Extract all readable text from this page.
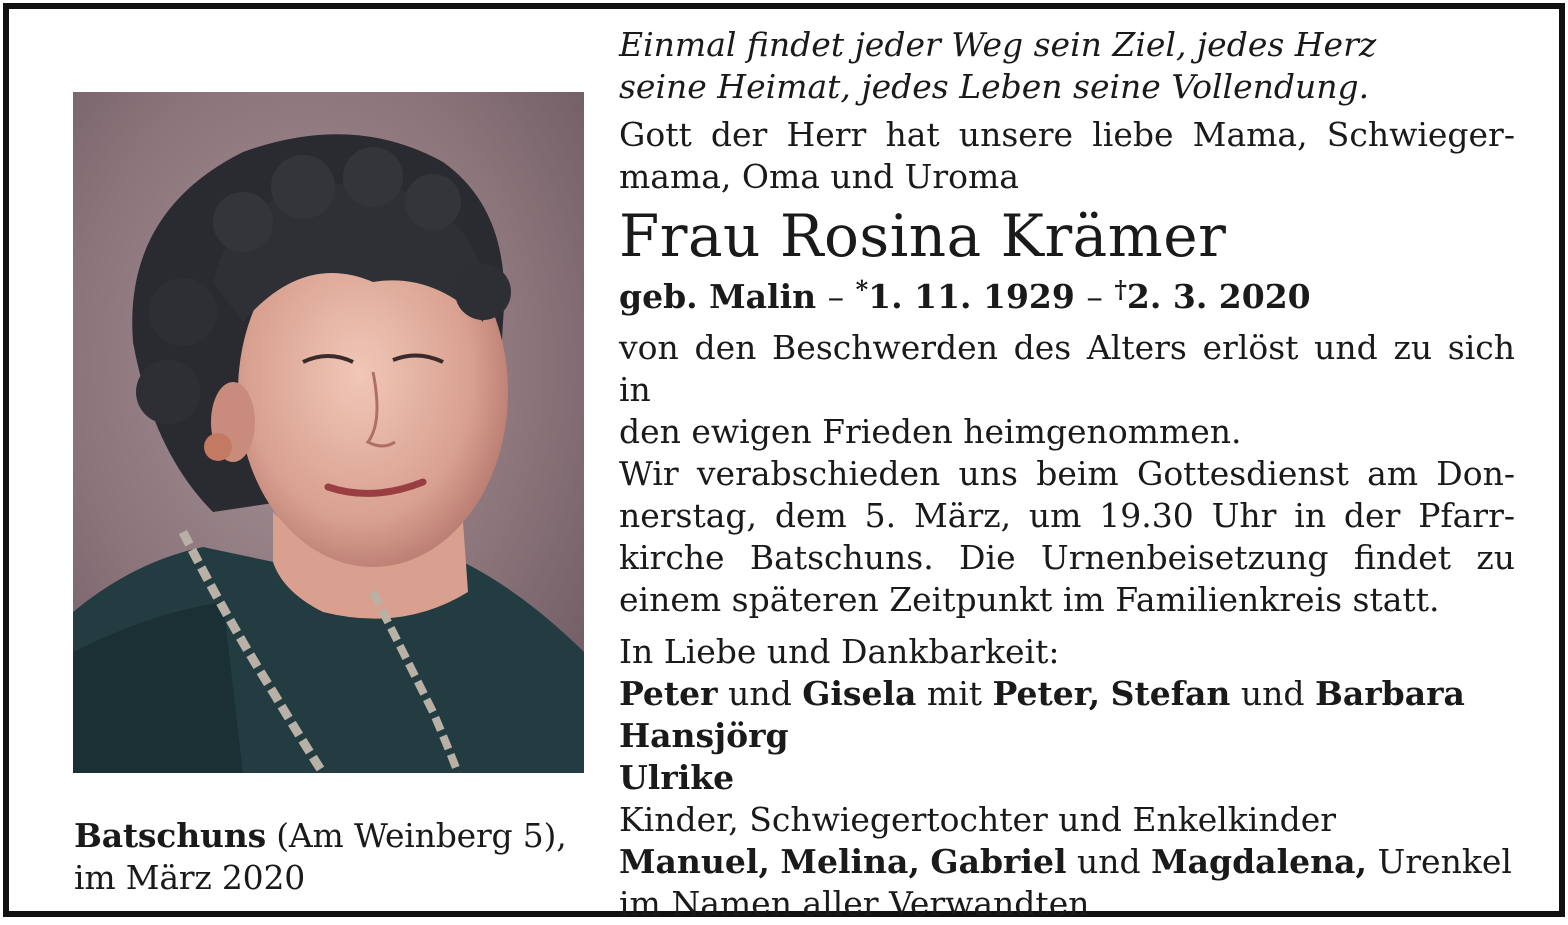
Batschuns (Am Weinberg 5),
im März 2020
Einmal findet jeder Weg sein Ziel, jedes Herz
seine Heimat, jedes Leben seine Vollendung.
Gott der Herr hat unsere liebe Mama, Schwieger-
mama, Oma und Uroma
Frau Rosina Krämer
geb. Malin – *1. 11. 1929 – †2. 3. 2020
von den Beschwerden des Alters erlöst und zu sich in
den ewigen Frieden heimgenommen.
Wir verabschieden uns beim Gottesdienst am Don-
nerstag, dem 5. März, um 19.30 Uhr in der Pfarr-
kirche Batschuns. Die Urnenbeisetzung findet zu
einem späteren Zeitpunkt im Familienkreis statt.
In Liebe und Dankbarkeit:
Peter und Gisela mit Peter, Stefan und Barbara
Hansjörg
Ulrike
Kinder, Schwiegertochter und Enkelkinder
Manuel, Melina, Gabriel und Magdalena, Urenkel
im Namen aller Verwandten
